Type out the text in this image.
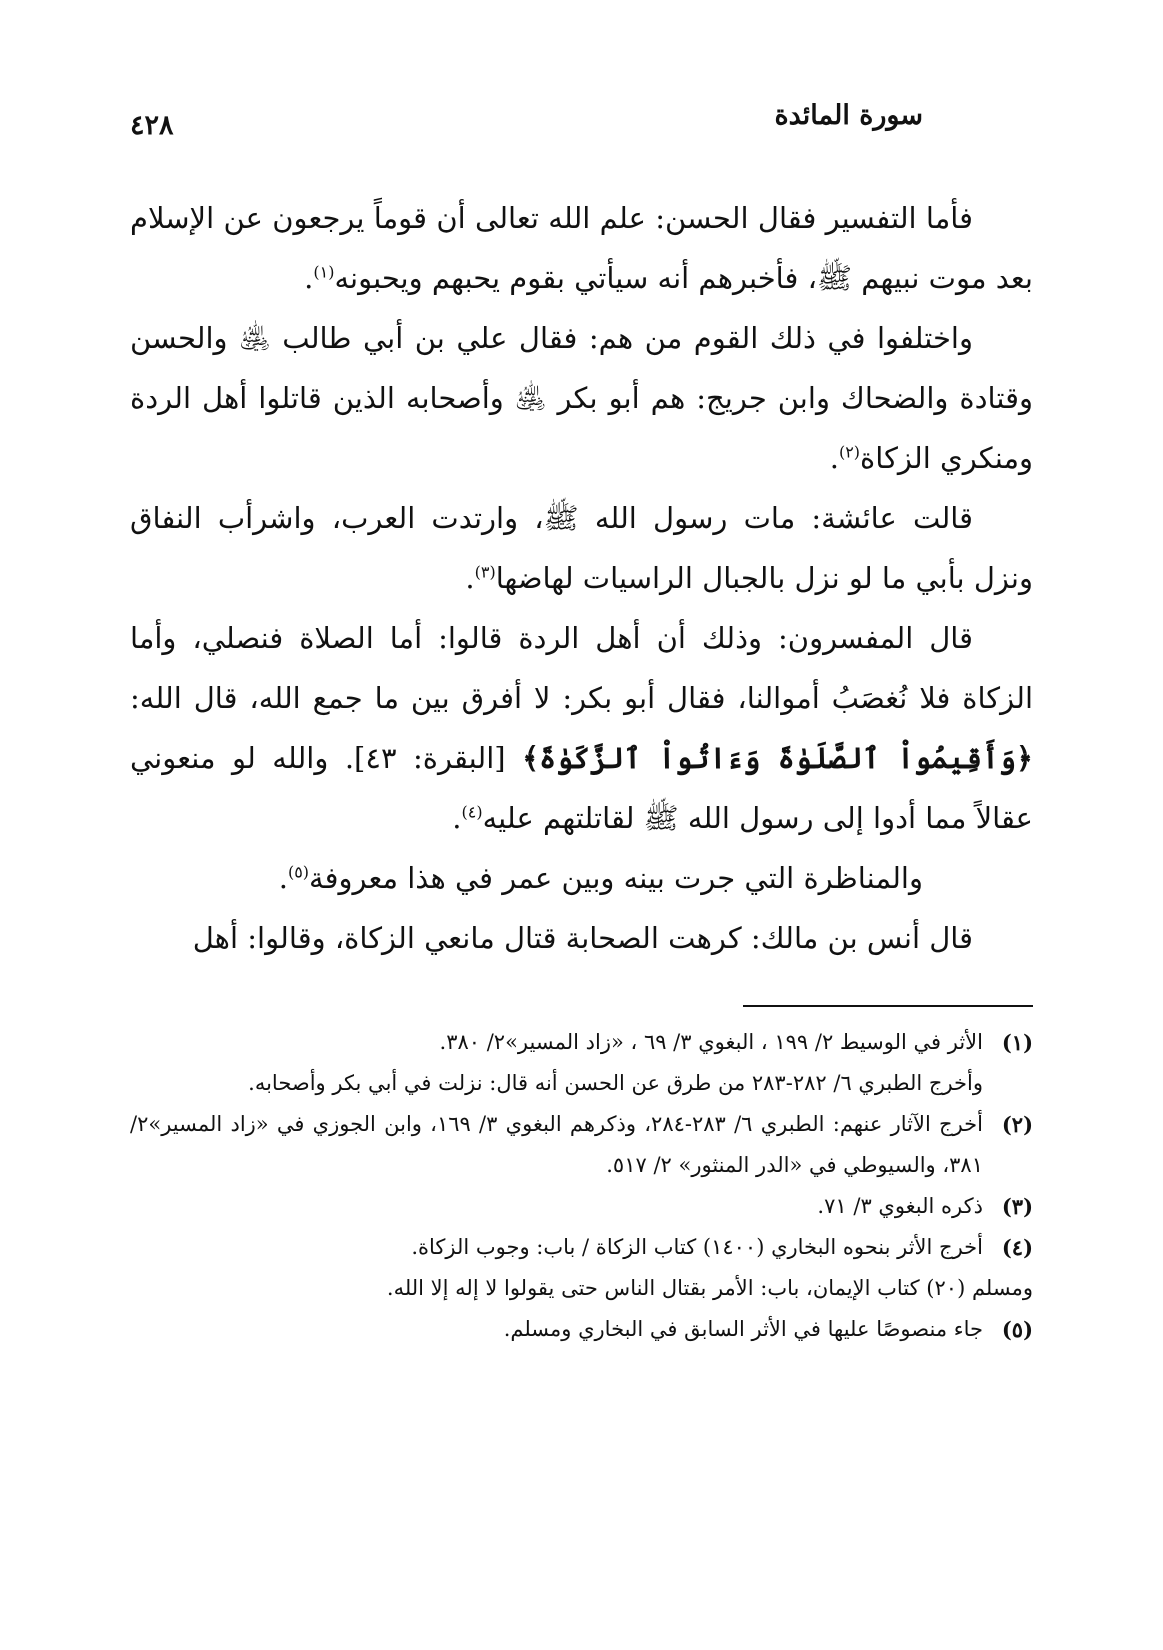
سورة المائدة
٤٢٨

فأما التفسير فقال الحسن: علم الله تعالى أن قوماً يرجعون عن الإسلام بعد موت نبيهم ﷺ، فأخبرهم أنه سيأتي بقوم يحبهم ويحبونه$^{(١)}$.

واختلفوا في ذلك القوم من هم: فقال علي بن أبي طالب ﵁ والحسن وقتادة والضحاك وابن جريج: هم أبو بكر ﵁ وأصحابه الذين قاتلوا أهل الردة ومنكري الزكاة$^{(٢)}$.

قالت عائشة: مات رسول الله ﷺ، وارتدت العرب، واشرأب النفاق ونزل بأبي ما لو نزل بالجبال الراسيات لهاضها$^{(٣)}$.

قال المفسرون: وذلك أن أهل الردة قالوا: أما الصلاة فنصلي، وأما الزكاة فلا نُغصَبُ أموالنا، فقال أبو بكر: لا أفرق بين ما جمع الله، قال الله: ﴿وَأَقِيمُواْ ٱلصَّلَوٰةَ وَءَاتُواْ ٱلزَّكَوٰةَ﴾ [البقرة: ٤٣]. والله لو منعوني عقالاً مما أدوا إلى رسول الله ﷺ لقاتلتهم عليه$^{(٤)}$.

والمناظرة التي جرت بينه وبين عمر في هذا معروفة$^{(٥)}$.

قال أنس بن مالك: كرهت الصحابة قتال مانعي الزكاة، وقالوا: أهل

(١)
الأثر في الوسيط ٢/ ١٩٩ ، البغوي ٣/ ٦٩ ، «زاد المسير»٢/ ٣٨٠.
وأخرج الطبري ٦/ ٢٨٢-٢٨٣ من طرق عن الحسن أنه قال: نزلت في أبي بكر وأصحابه.
(٢)
أخرج الآثار عنهم: الطبري ٦/ ٢٨٣-٢٨٤، وذكرهم البغوي ٣/ ١٦٩، وابن الجوزي في «زاد المسير»٢/ ٣٨١، والسيوطي في «الدر المنثور» ٢/ ٥١٧.
(٣)
ذكره البغوي ٣/ ٧١.
(٤)
أخرج الأثر بنحوه البخاري (١٤٠٠) كتاب الزكاة / باب: وجوب الزكاة.
ومسلم (٢٠) كتاب الإيمان، باب: الأمر بقتال الناس حتى يقولوا لا إله إلا الله.
(٥)
جاء منصوصًا عليها في الأثر السابق في البخاري ومسلم.
